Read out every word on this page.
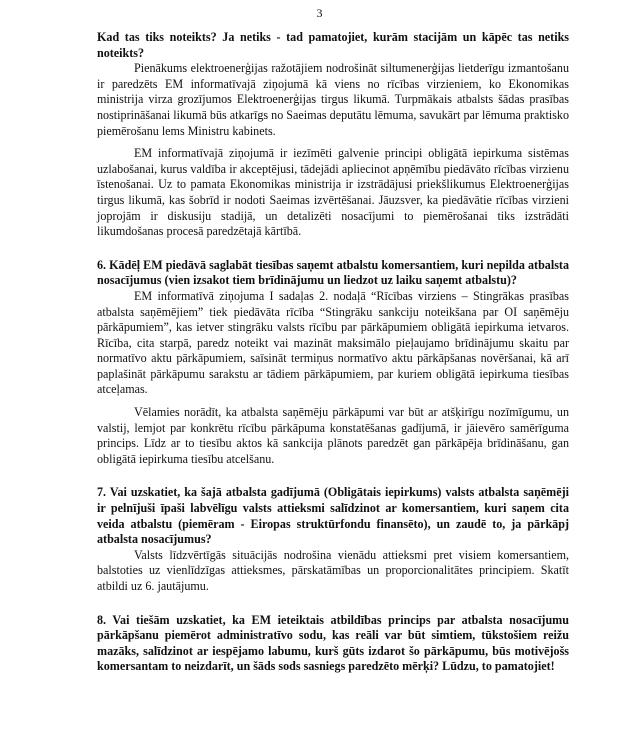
3

Kad tas tiks noteikts? Ja netiks - tad pamatojiet, kurām stacijām un kāpēc tas netiks noteikts?

Pienākums elektroenerģijas ražotājiem nodrošināt siltumenerģijas lietderīgu izmantošanu ir paredzēts EM informatīvajā ziņojumā kā viens no rīcības virzieniem, ko Ekonomikas ministrija virza grozījumos Elektroenerģijas tirgus likumā. Turpmākais atbalsts šādas prasības nostiprināšanai likumā būs atkarīgs no Saeimas deputātu lēmuma, savukārt par lēmuma praktisko piemērošanu lems Ministru kabinets.

EM informatīvajā ziņojumā ir iezīmēti galvenie principi obligātā iepirkuma sistēmas uzlabošanai, kurus valdība ir akceptējusi, tādejādi apliecinot apņēmību piedāvāto rīcības virzienu īstenošanai. Uz to pamata Ekonomikas ministrija ir izstrādājusi priekšlikumus Elektroenerģijas tirgus likumā, kas šobrīd ir nodoti Saeimas izvērtēšanai. Jāuzsver, ka piedāvātie rīcības virzieni joprojām ir diskusiju stadijā, un detalizēti nosacījumi to piemērošanai tiks izstrādāti likumdošanas procesā paredzētajā kārtībā.

6. Kādēļ EM piedāvā saglabāt tiesības saņemt atbalstu komersantiem, kuri nepilda atbalsta nosacījumus (vien izsakot tiem brīdinājumu un liedzot uz laiku saņemt atbalstu)?

EM informatīvā ziņojuma I sadaļas 2. nodaļā “Rīcības virziens – Stingrākas prasības atbalsta saņēmējiem” tiek piedāvāta rīcība “Stingrāku sankciju noteikšana par OI saņēmēju pārkāpumiem”, kas ietver stingrāku valsts rīcību par pārkāpumiem obligātā iepirkuma ietvaros. Rīcība, cita starpā, paredz noteikt vai mazināt maksimālo pieļaujamo brīdinājumu skaitu par normatīvo aktu pārkāpumiem, saīsināt termiņus normatīvo aktu pārkāpšanas novēršanai, kā arī paplašināt pārkāpumu sarakstu ar tādiem pārkāpumiem, par kuriem obligātā iepirkuma tiesības atceļamas.

Vēlamies norādīt, ka atbalsta saņēmēju pārkāpumi var būt ar atšķirīgu nozīmīgumu, un valstij, lemjot par konkrētu rīcību pārkāpuma konstatēšanas gadījumā, ir jāievēro samērīguma princips. Līdz ar to tiesību aktos kā sankcija plānots paredzēt gan pārkāpēja brīdināšanu, gan obligātā iepirkuma tiesību atcelšanu.

7. Vai uzskatiet, ka šajā atbalsta gadījumā (Obligātais iepirkums) valsts atbalsta saņēmēji ir pelnījuši īpaši labvēlīgu valsts attieksmi salīdzinot ar komersantiem, kuri saņem cita veida atbalstu (piemēram - Eiropas struktūrfondu finansēto), un zaudē to, ja pārkāpj atbalsta nosacījumus?

Valsts līdzvērtīgās situācijās nodrošina vienādu attieksmi pret visiem komersantiem, balstoties uz vienlīdzīgas attieksmes, pārskatāmības un proporcionalitātes principiem. Skatīt atbildi uz 6. jautājumu.

8. Vai tiešām uzskatiet, ka EM ieteiktais atbildības princips par atbalsta nosacījumu pārkāpšanu piemērot administratīvo sodu, kas reāli var būt simtiem, tūkstošiem reižu mazāks, salīdzinot ar iespējamo labumu, kurš gūts izdarot šo pārkāpumu, būs motivējošs komersantam to neizdarīt, un šāds sods sasniegs paredzēto mērķi? Lūdzu, to pamatojiet!
